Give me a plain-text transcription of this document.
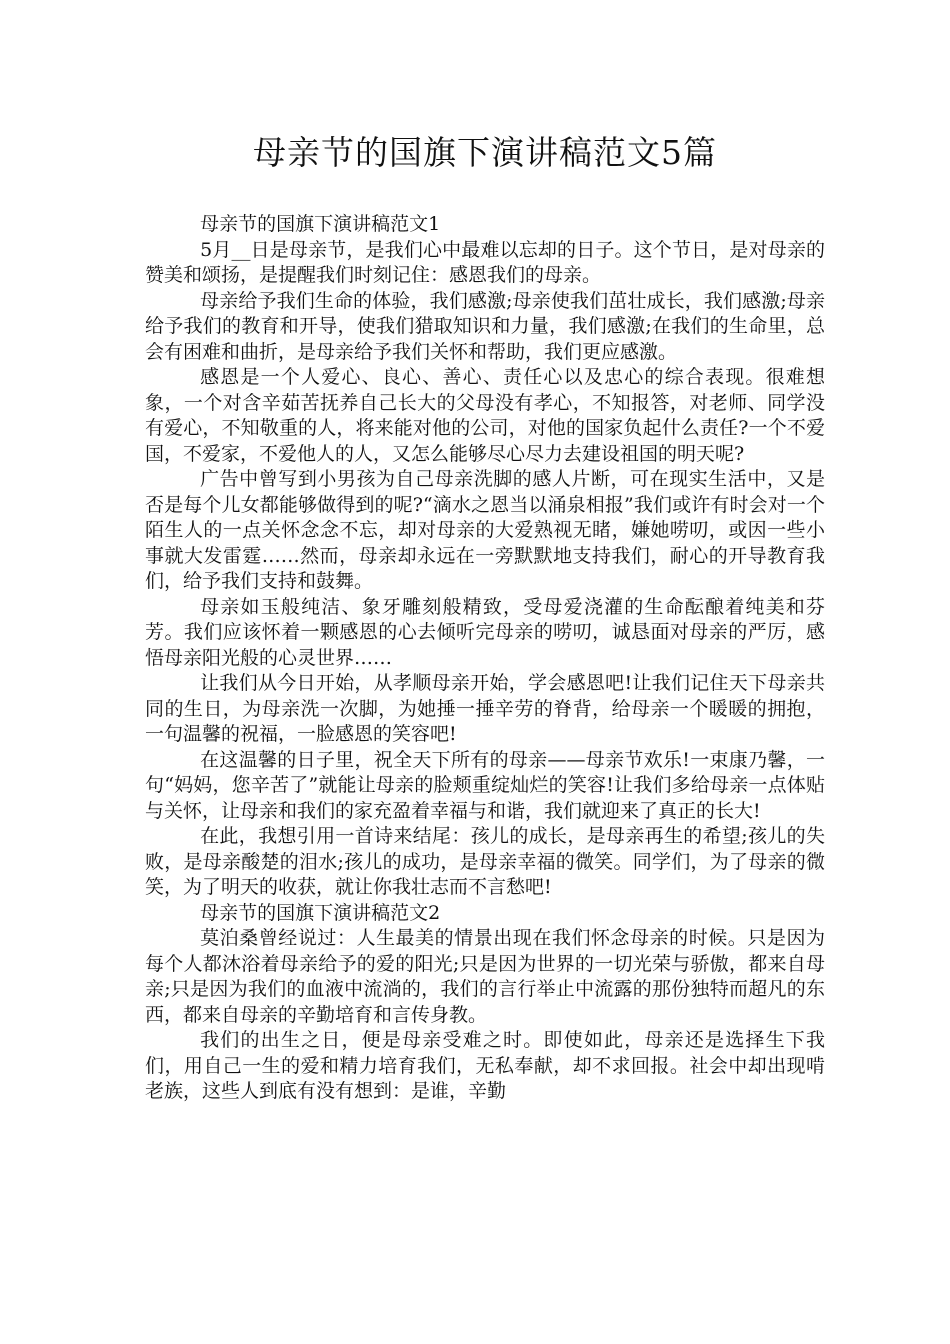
母亲节的国旗下演讲稿范文5篇

母亲节的国旗下演讲稿范文1

5月__日是母亲节，是我们心中最难以忘却的日子。这个节日，是对母亲的赞美和颂扬，是提醒我们时刻记住：感恩我们的母亲。

母亲给予我们生命的体验，我们感激;母亲使我们茁壮成长，我们感激;母亲给予我们的教育和开导，使我们猎取知识和力量，我们感激;在我们的生命里，总会有困难和曲折，是母亲给予我们关怀和帮助，我们更应感激。

感恩是一个人爱心、良心、善心、责任心以及忠心的综合表现。很难想象，一个对含辛茹苦抚养自己长大的父母没有孝心，不知报答，对老师、同学没有爱心，不知敬重的人，将来能对他的公司，对他的国家负起什么责任?一个不爱国，不爱家，不爱他人的人，又怎么能够尽心尽力去建设祖国的明天呢?

广告中曾写到小男孩为自己母亲洗脚的感人片断，可在现实生活中，又是否是每个儿女都能够做得到的呢?“滴水之恩当以涌泉相报”我们或许有时会对一个陌生人的一点关怀念念不忘，却对母亲的大爱熟视无睹，嫌她唠叨，或因一些小事就大发雷霆……然而，母亲却永远在一旁默默地支持我们，耐心的开导教育我们，给予我们支持和鼓舞。

母亲如玉般纯洁、象牙雕刻般精致，受母爱浇灌的生命酝酿着纯美和芬芳。我们应该怀着一颗感恩的心去倾听完母亲的唠叨，诚恳面对母亲的严厉，感悟母亲阳光般的心灵世界……

让我们从今日开始，从孝顺母亲开始，学会感恩吧!让我们记住天下母亲共同的生日，为母亲洗一次脚，为她捶一捶辛劳的脊背，给母亲一个暖暖的拥抱，一句温馨的祝福，一脸感恩的笑容吧!

在这温馨的日子里，祝全天下所有的母亲——母亲节欢乐!一束康乃馨，一句“妈妈，您辛苦了”就能让母亲的脸颊重绽灿烂的笑容!让我们多给母亲一点体贴与关怀，让母亲和我们的家充盈着幸福与和谐，我们就迎来了真正的长大!

在此，我想引用一首诗来结尾：孩儿的成长，是母亲再生的希望;孩儿的失败，是母亲酸楚的泪水;孩儿的成功，是母亲幸福的微笑。同学们，为了母亲的微笑，为了明天的收获，就让你我壮志而不言愁吧!

母亲节的国旗下演讲稿范文2

莫泊桑曾经说过：人生最美的情景出现在我们怀念母亲的时候。只是因为每个人都沐浴着母亲给予的爱的阳光;只是因为世界的一切光荣与骄傲，都来自母亲;只是因为我们的血液中流淌的，我们的言行举止中流露的那份独特而超凡的东西，都来自母亲的辛勤培育和言传身教。

我们的出生之日，便是母亲受难之时。即使如此，母亲还是选择生下我们，用自己一生的爱和精力培育我们，无私奉献，却不求回报。社会中却出现啃老族，这些人到底有没有想到：是谁，辛勤
